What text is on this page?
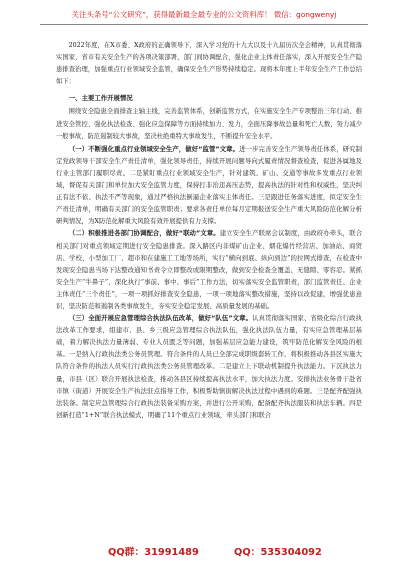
关注头条号“公文研究”，获得最新最全最专业的公文资料库！ 微信：gongwenyj

2022年度，在X市委、X政府的正确领导下，深入学习党的十九大以及十九届历次全会精神，认真贯彻落实国家、省市有关安全生产的各项决策部署，部门间协调配合，强化企业主体责任落实，深入开展安全生产隐患排查治理，加强重点行业领域安全监管，确保安全生产形势持续稳定。现将本年度上半年安全生产工作总结如下：

一、主要工作开展情况

围绕安全隐患全面排查主轴主线，完善监管体系，创新监管方式，在实施安全生产专项整治三年行动、推进安全管控、强化执法检查、强化应急保障等方面持续加力、发力，全面压降事故总量和死亡人数，努力减少一般事故，防范遏制较大事故，坚决杜绝重特大事故发生，不断提升安全水平。

（一）不断强化重点行业领域安全生产，做好“监管”文章。进一步完善安全生产领导责任体系，研究制定党政领导干部安全生产责任清单，强化领导责任，持续开展问题导向式履责情况督查检查，促进各属地及行业主管部门履职尽责。二是紧盯重点行业领域安全生产，针对建筑、矿山、交通等事故多发重点行业领域，督促有关部门和单位加大安全监管力度，保持打非治违高压态势，提高执法的针对性和权威性，坚决纠正有法不依、执法不严等现象，通过严格执法倒逼企业落实主体责任。三是跟进任务落实进度，拟定安全生产责任清单，明确有关部门的安全监管职责；要求各责任单位每月定期报送安全生产重大风险防范化解分析研判情况，为X防范化解重大风险有效开展提供有力支撑。
（二）积极推进各部门协调配合，做好“联动”文章。建立安全生产联席会议制度，由政府办牵头，联合相关部门对重点领域定期进行安全隐患排查。深入路区内非煤矿山企业、烟花爆竹经营店、加油站、商贸店、学校、小型加工厂、超市和在建施工工地等场所，实行“横向到底、纵向到边”的拉网式排查，在检查中发现安全隐患当场下达整改通知书责令立即整改或限期整改，做到安全检查全覆盖、无缝隙、零容忍。紧抓安全生产“牛鼻子”，深化执行“事前、事中、事后”工作方法，切实落实安全监管职责，部门监管责任、企业主体责任“三个责任”，一项一项抓好排查安全隐患，一项一项地落实整改措施，坚持以改促建，增强优患意识，坚决防范和遏制各类事故发生，夯实安全稳定发展、高质量发展的基础。
（三）全面开展应急管理综合执法队伍改革，做好“队伍”文章。认真贯彻落实国家、省级化综合行政执法改革工作要求，组建市、县、乡三级应急管理综合执法队伍，强化执法队伍力量，有实应急管理基层基础，着力解决执法力量薄弱、专业人员匮乏等问题，加强基层应急能力建设，筑牢防范化解安全风险的根基。一是纳入行政执法类公务员管理。符合条件的人员已全部完成职级套转工作，将积极推动各县区实施大队符合条件的执法人员实行行政执法类公务员管理改革。二是建立上下联动机制提升执法能力。下沉执法力量，市县（区）联合开展执法检查，推动各县区持续提高执法水平，加大执法力度。安排执法业务骨干赴省市镇（街道）开展安全生产执法驻点指导工作，积极帮助镇街解决执法过程中遇到的难题。三是配齐配强执法装备。制定应急管理综合行政执法装备采购方案，并进行公开采购，配备配齐执法服装和执法车辆。四是创新打造“1+N”联合执法模式，明确了11个重点行业领域，牵头部门和联合
QQ群：31991489	QQ：535304092
